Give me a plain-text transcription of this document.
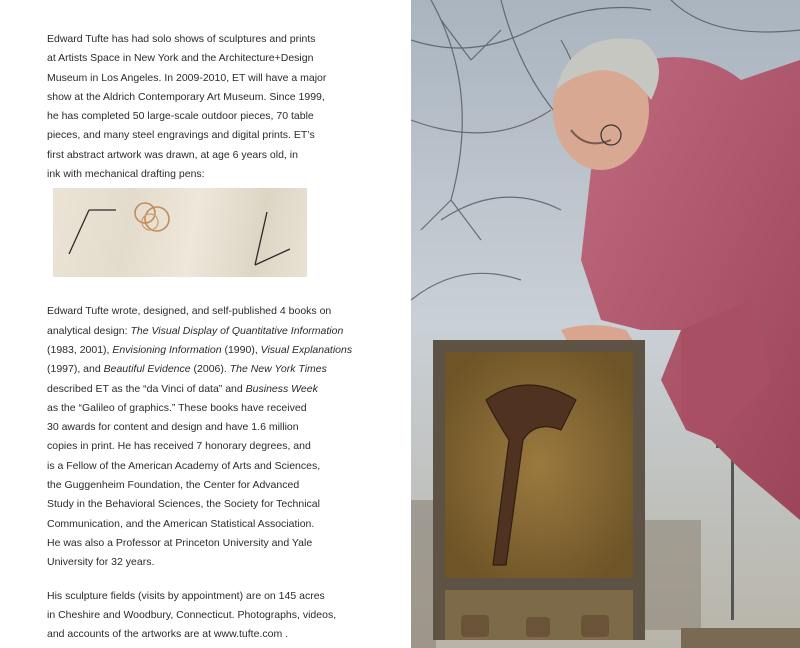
Edward Tufte has had solo shows of sculptures and prints
at Artists Space in New York and the Architecture+Design
Museum in Los Angeles. In 2009-2010, ET will have a major
show at the Aldrich Contemporary Art Museum. Since 1999,
he has completed 50 large-scale outdoor pieces, 70 table
pieces, and many steel engravings and digital prints. ET’s
first abstract artwork was drawn, at age 6 years old, in
ink with mechanical drafting pens:

Edward Tufte wrote, designed, and self-published 4 books on
analytical design: The Visual Display of Quantitative Information
(1983, 2001), Envisioning Information (1990), Visual Explanations
(1997), and Beautiful Evidence (2006). The New York Times
described ET as the “da Vinci of data” and Business Week
as the “Galileo of graphics.” These books have received
30 awards for content and design and have 1.6 million
copies in print. He has received 7 honorary degrees, and
is a Fellow of the American Academy of Arts and Sciences,
the Guggenheim Foundation, the Center for Advanced
Study in the Behavioral Sciences, the Society for Technical
Communication, and the American Statistical Association.
He was also a Professor at Princeton University and Yale
University for 32 years.

His sculpture fields (visits by appointment) are on 145 acres
in Cheshire and Woodbury, Connecticut. Photographs, videos,
and accounts of the artworks are at www.tufte.com .
